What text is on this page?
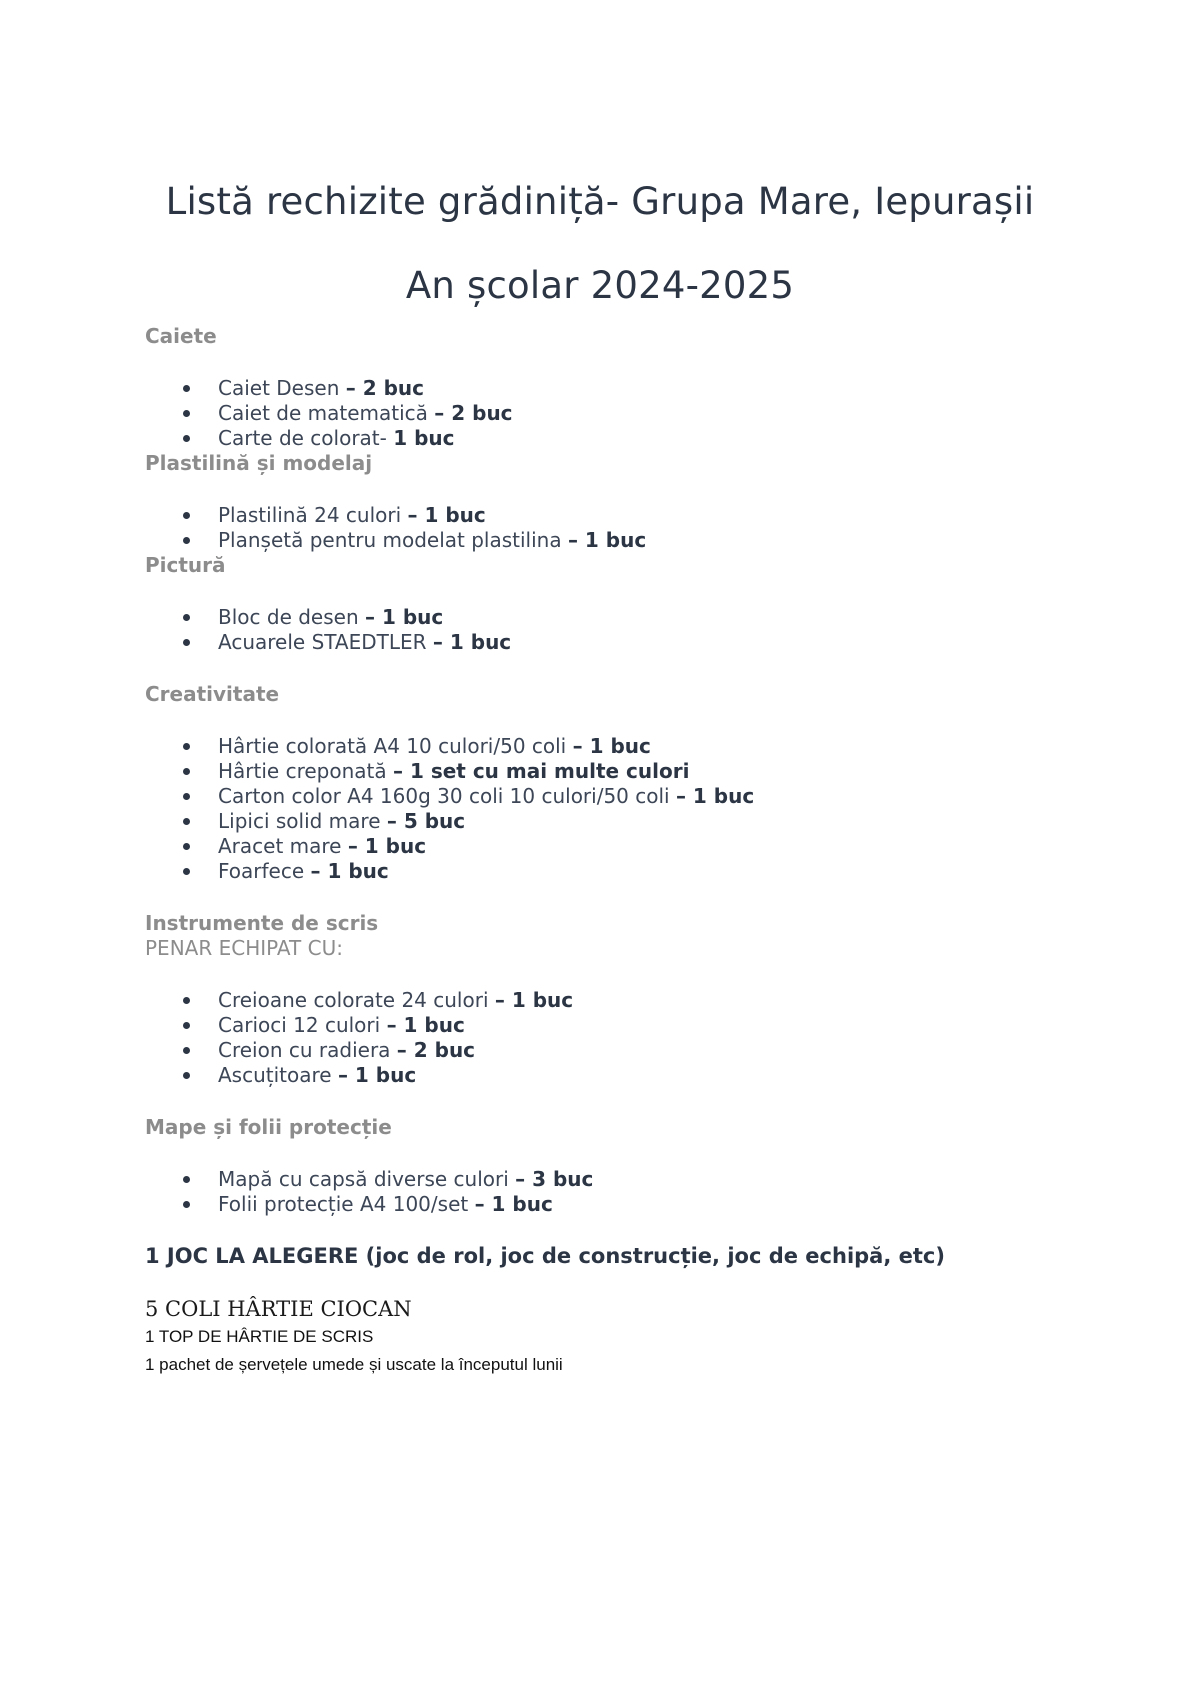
Listă rechizite grădiniță- Grupa Mare, Iepurașii
An școlar 2024-2025

Caiete

Caiet Desen – 2 buc
Caiet de matematică – 2 buc
Carte de colorat- 1 buc

Plastilină și modelaj

Plastilină 24 culori – 1 buc
Planșetă pentru modelat plastilina – 1 buc

Pictură

Bloc de desen – 1 buc
Acuarele STAEDTLER – 1 buc

Creativitate

Hârtie colorată A4 10 culori/50 coli – 1 buc
Hârtie creponată – 1 set cu mai multe culori
Carton color A4 160g 30 coli 10 culori/50 coli – 1 buc
Lipici solid mare – 5 buc
Aracet mare – 1 buc
Foarfece – 1 buc

Instrumente de scris

PENAR ECHIPAT CU:

Creioane colorate 24 culori – 1 buc
Carioci 12 culori – 1 buc
Creion cu radiera – 2 buc
Ascuțitoare – 1 buc

Mape și folii protecție

Mapă cu capsă diverse culori – 3 buc
Folii protecție A4 100/set – 1 buc

1 JOC LA ALEGERE (joc de rol, joc de construcție, joc de echipă, etc)

5 COLI HÂRTIE CIOCAN

1 TOP DE HÂRTIE DE SCRIS

1 pachet de șervețele umede și uscate la începutul lunii
